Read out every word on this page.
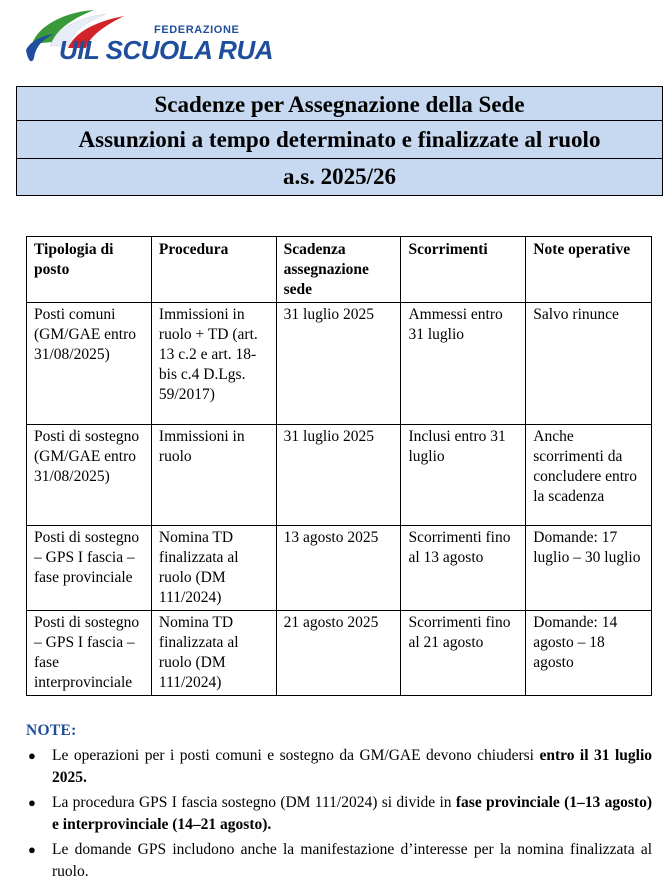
FEDERAZIONE
UIL SCUOLA RUA
Scadenze per Assegnazione della Sede
Assunzioni a tempo determinato e finalizzate al ruolo
a.s. 2025/26
Tipologia di posto	Procedura	Scadenza assegnazione sede	Scorrimenti	Note operative
Posti comuni (GM/GAE entro 31/08/2025)	Immissioni in ruolo + TD (art. 13 c.2 e art. 18-bis c.4 D.Lgs. 59/2017)	31 luglio 2025	Ammessi entro 31 luglio	Salvo rinunce
Posti di sostegno (GM/GAE entro 31/08/2025)	Immissioni in ruolo	31 luglio 2025	Inclusi entro 31 luglio	Anche scorrimenti da concludere entro la scadenza
Posti di sostegno – GPS I fascia – fase provinciale	Nomina TD finalizzata al ruolo (DM 111/2024)	13 agosto 2025	Scorrimenti fino al 13 agosto	Domande: 17 luglio – 30 luglio
Posti di sostegno – GPS I fascia – fase interprovinciale	Nomina TD finalizzata al ruolo (DM 111/2024)	21 agosto 2025	Scorrimenti fino al 21 agosto	Domande: 14 agosto – 18 agosto
NOTE:
● Le operazioni per i posti comuni e sostegno da GM/GAE devono chiudersi entro il 31 luglio 2025.
● La procedura GPS I fascia sostegno (DM 111/2024) si divide in fase provinciale (1–13 agosto) e interprovinciale (14–21 agosto).
● Le domande GPS includono anche la manifestazione d’interesse per la nomina finalizzata al ruolo.
